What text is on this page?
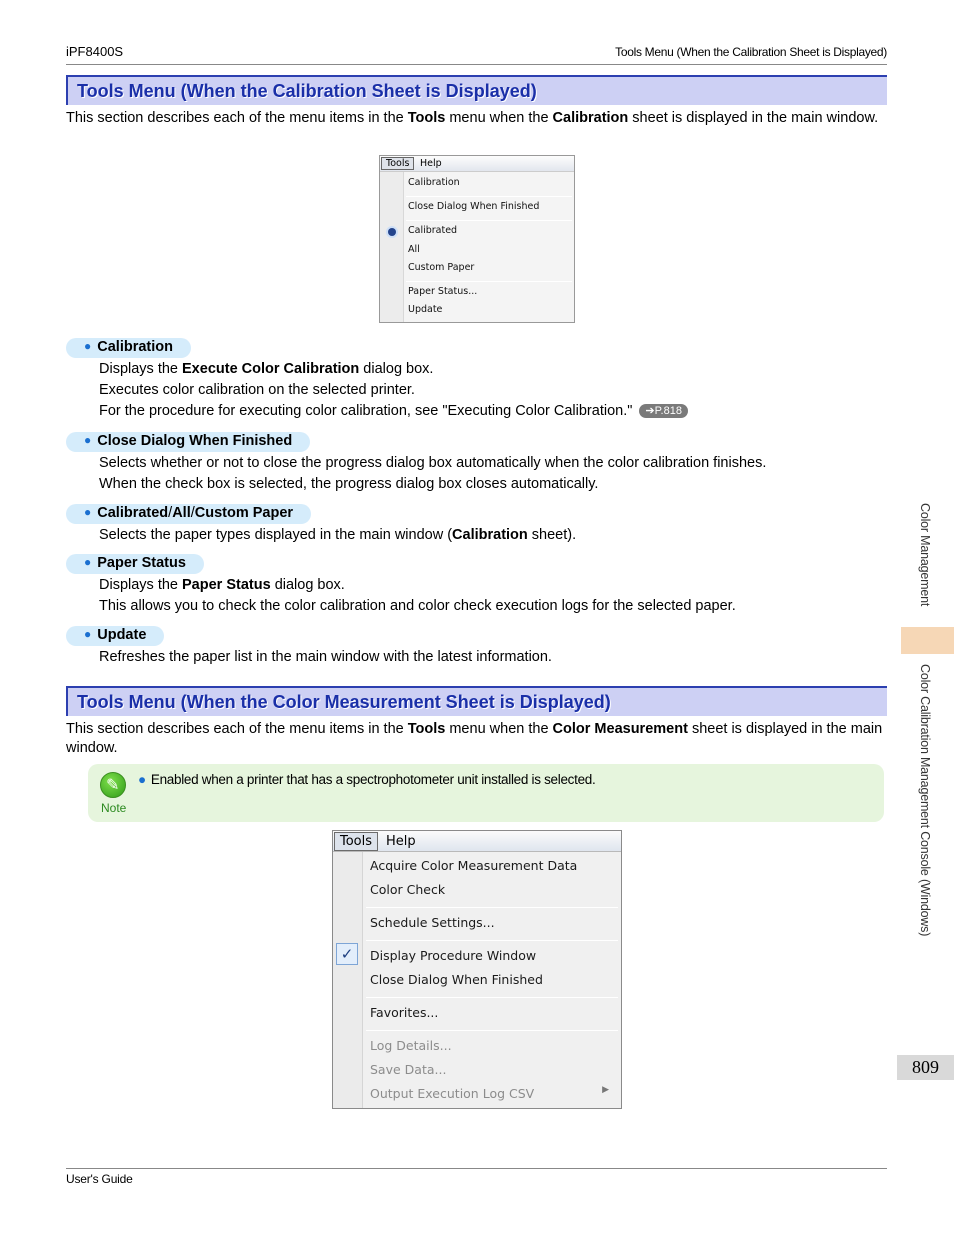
iPF8400S	Tools Menu (When the Calibration Sheet is Displayed)
Tools Menu (When the Calibration Sheet is Displayed)
This section describes each of the menu items in the Tools menu when the Calibration sheet is displayed in the main window.
Tools	Help
Calibration
Close Dialog When Finished
Calibrated
All
Custom Paper
Paper Status...
Update
● Calibration
Displays the Execute Color Calibration dialog box.
Executes color calibration on the selected printer.
For the procedure for executing color calibration, see "Executing Color Calibration." ➔P.818
● Close Dialog When Finished
Selects whether or not to close the progress dialog box automatically when the color calibration finishes.
When the check box is selected, the progress dialog box closes automatically.
● Calibrated/All/Custom Paper
Selects the paper types displayed in the main window (Calibration sheet).
● Paper Status
Displays the Paper Status dialog box.
This allows you to check the color calibration and color check execution logs for the selected paper.
● Update
Refreshes the paper list in the main window with the latest information.
Tools Menu (When the Color Measurement Sheet is Displayed)
This section describes each of the menu items in the Tools menu when the Color Measurement sheet is displayed in the main window.
✎
Note
● Enabled when a printer that has a spectrophotometer unit installed is selected.
Tools	Help
Acquire Color Measurement Data
Color Check
Schedule Settings...
✓	Display Procedure Window
Close Dialog When Finished
Favorites...
Log Details...
Save Data...
Output Execution Log CSV	▶
Color Management
Color Calibration Management Console (Windows)
809
User's Guide
